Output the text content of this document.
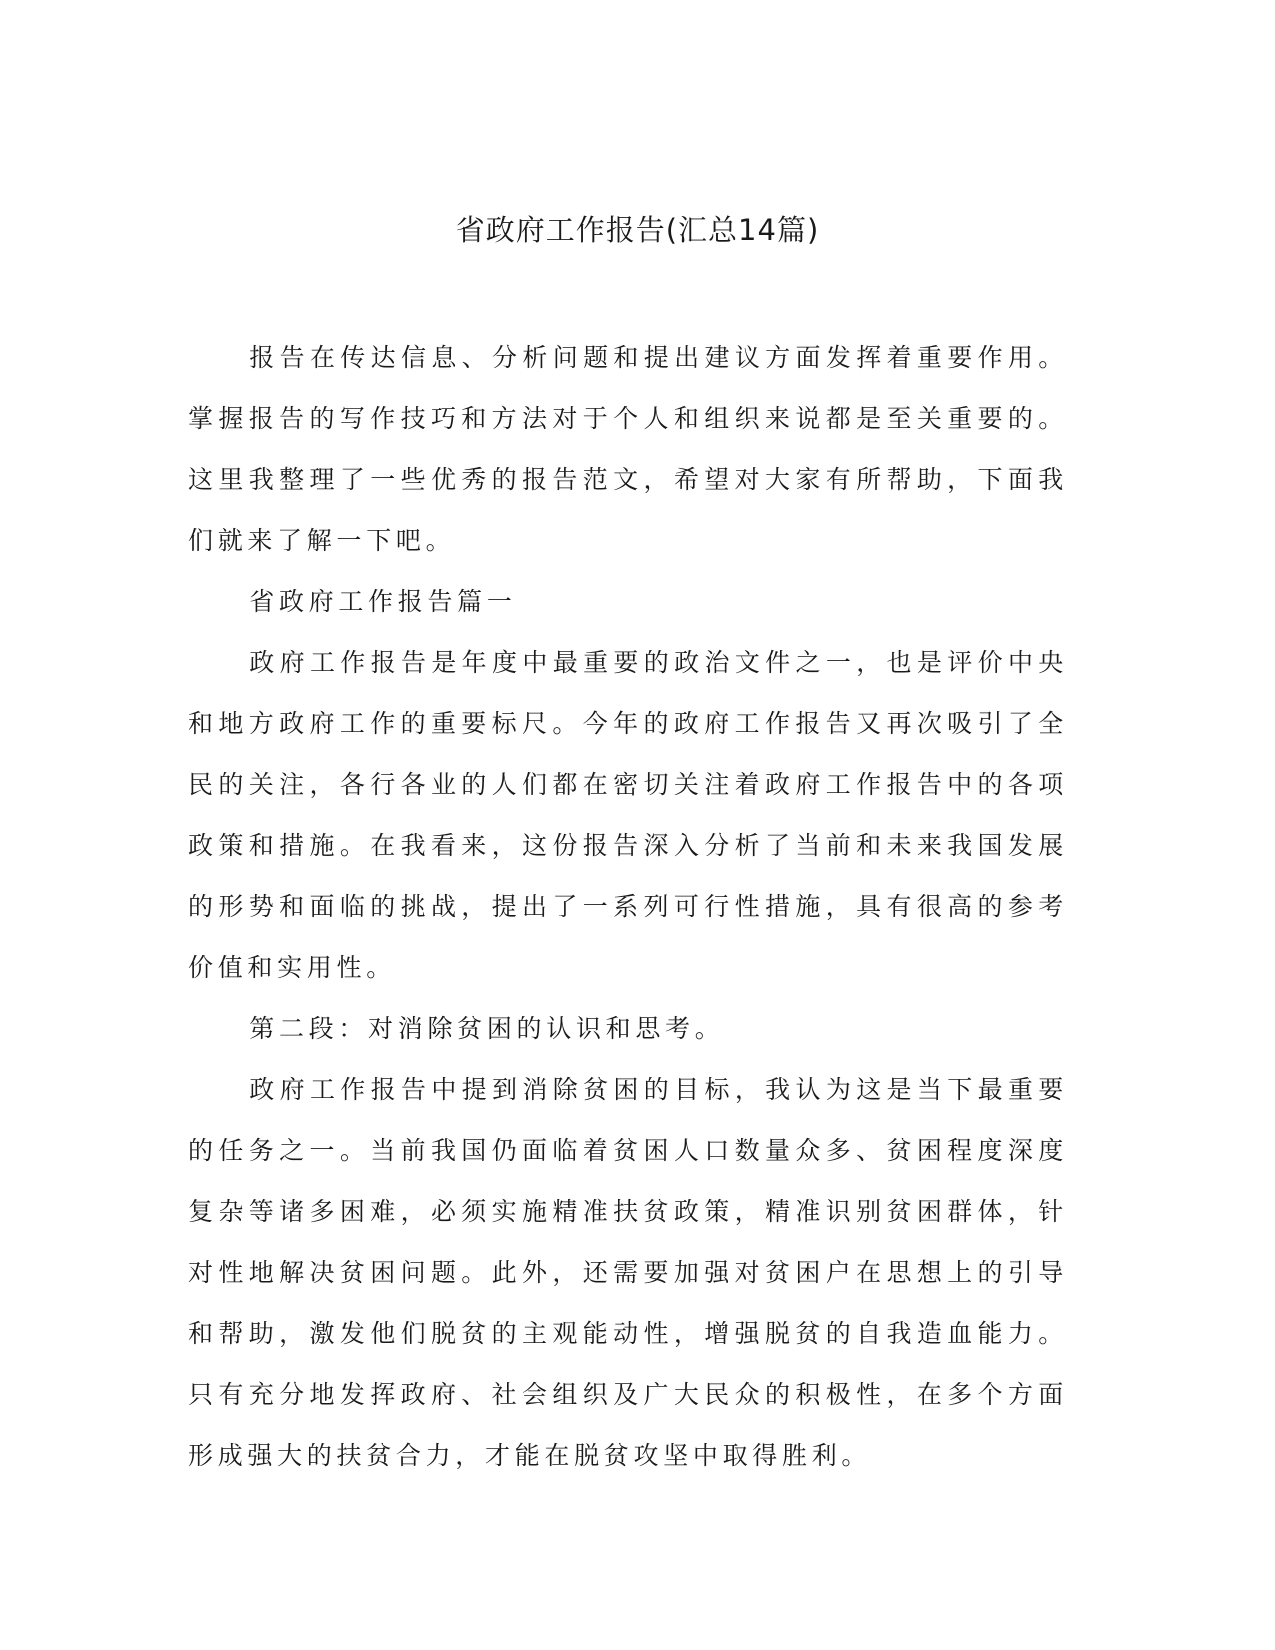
省政府工作报告(汇总14篇)

报告在传达信息、分析问题和提出建议方面发挥着重要作用。掌握报告的写作技巧和方法对于个人和组织来说都是至关重要的。这里我整理了一些优秀的报告范文，希望对大家有所帮助，下面我们就来了解一下吧。

省政府工作报告篇一

政府工作报告是年度中最重要的政治文件之一，也是评价中央和地方政府工作的重要标尺。今年的政府工作报告又再次吸引了全民的关注，各行各业的人们都在密切关注着政府工作报告中的各项政策和措施。在我看来，这份报告深入分析了当前和未来我国发展的形势和面临的挑战，提出了一系列可行性措施，具有很高的参考价值和实用性。

第二段：对消除贫困的认识和思考。

政府工作报告中提到消除贫困的目标，我认为这是当下最重要的任务之一。当前我国仍面临着贫困人口数量众多、贫困程度深度复杂等诸多困难，必须实施精准扶贫政策，精准识别贫困群体，针对性地解决贫困问题。此外，还需要加强对贫困户在思想上的引导和帮助，激发他们脱贫的主观能动性，增强脱贫的自我造血能力。只有充分地发挥政府、社会组织及广大民众的积极性，在多个方面形成强大的扶贫合力，才能在脱贫攻坚中取得胜利。
